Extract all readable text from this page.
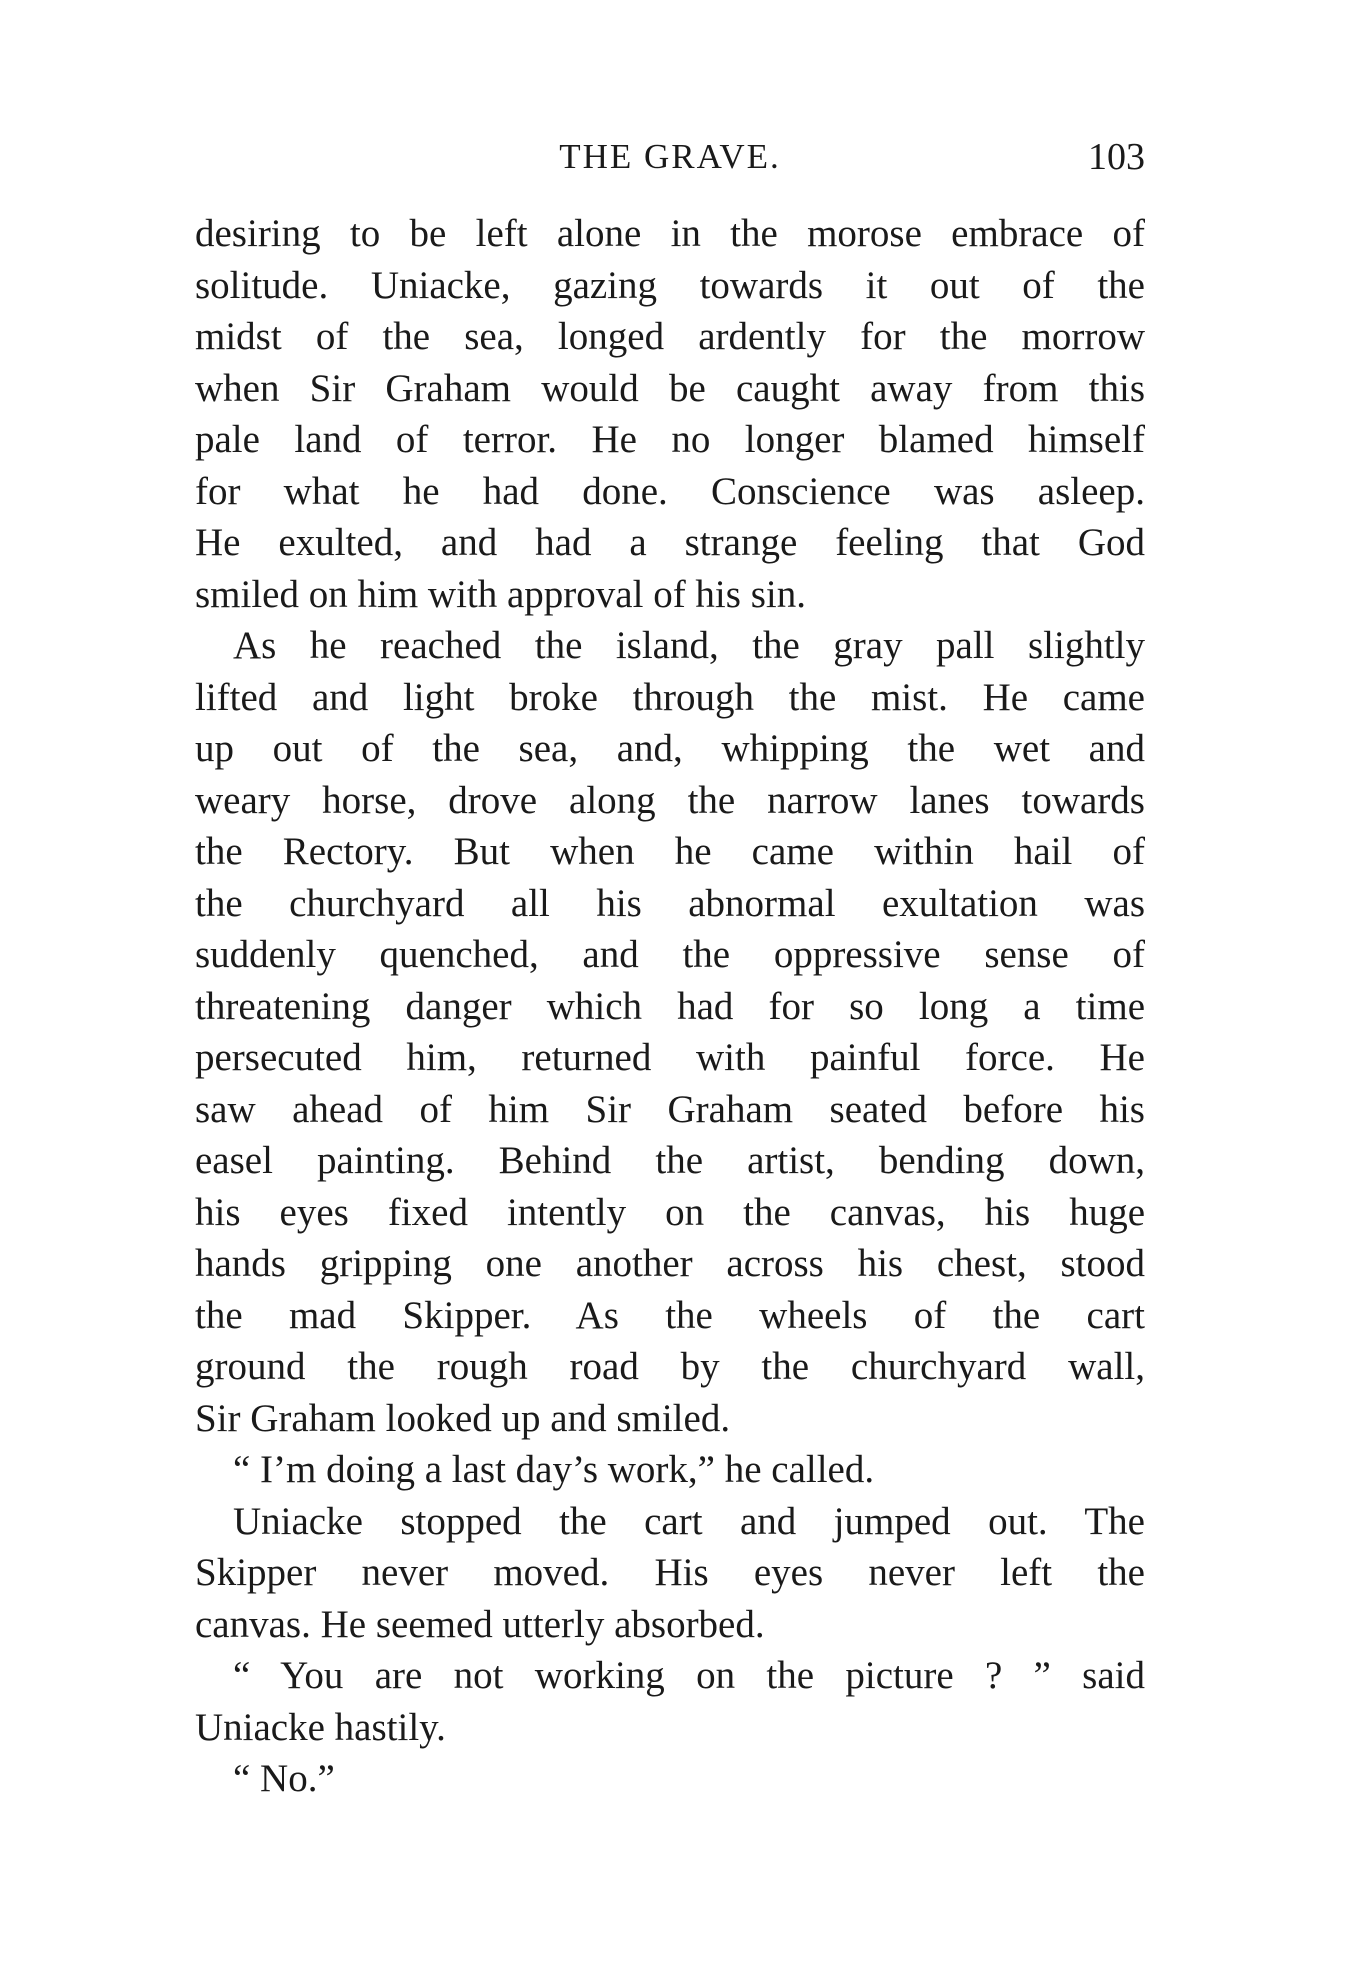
THE GRAVE.	103
desiring to be left alone in the morose embrace of
solitude. Uniacke, gazing towards it out of the
midst of the sea, longed ardently for the morrow
when Sir Graham would be caught away from this
pale land of terror. He no longer blamed himself
for what he had done. Conscience was asleep.
He exulted, and had a strange feeling that God
smiled on him with approval of his sin.
As he reached the island, the gray pall slightly
lifted and light broke through the mist. He came
up out of the sea, and, whipping the wet and
weary horse, drove along the narrow lanes towards
the Rectory. But when he came within hail of
the churchyard all his abnormal exultation was
suddenly quenched, and the oppressive sense of
threatening danger which had for so long a time
persecuted him, returned with painful force. He
saw ahead of him Sir Graham seated before his
easel painting. Behind the artist, bending down,
his eyes fixed intently on the canvas, his huge
hands gripping one another across his chest, stood
the mad Skipper. As the wheels of the cart
ground the rough road by the churchyard wall,
Sir Graham looked up and smiled.
“ I’m doing a last day’s work,” he called.
Uniacke stopped the cart and jumped out. The
Skipper never moved. His eyes never left the
canvas. He seemed utterly absorbed.
“ You are not working on the picture ? ” said
Uniacke hastily.
“ No.”
